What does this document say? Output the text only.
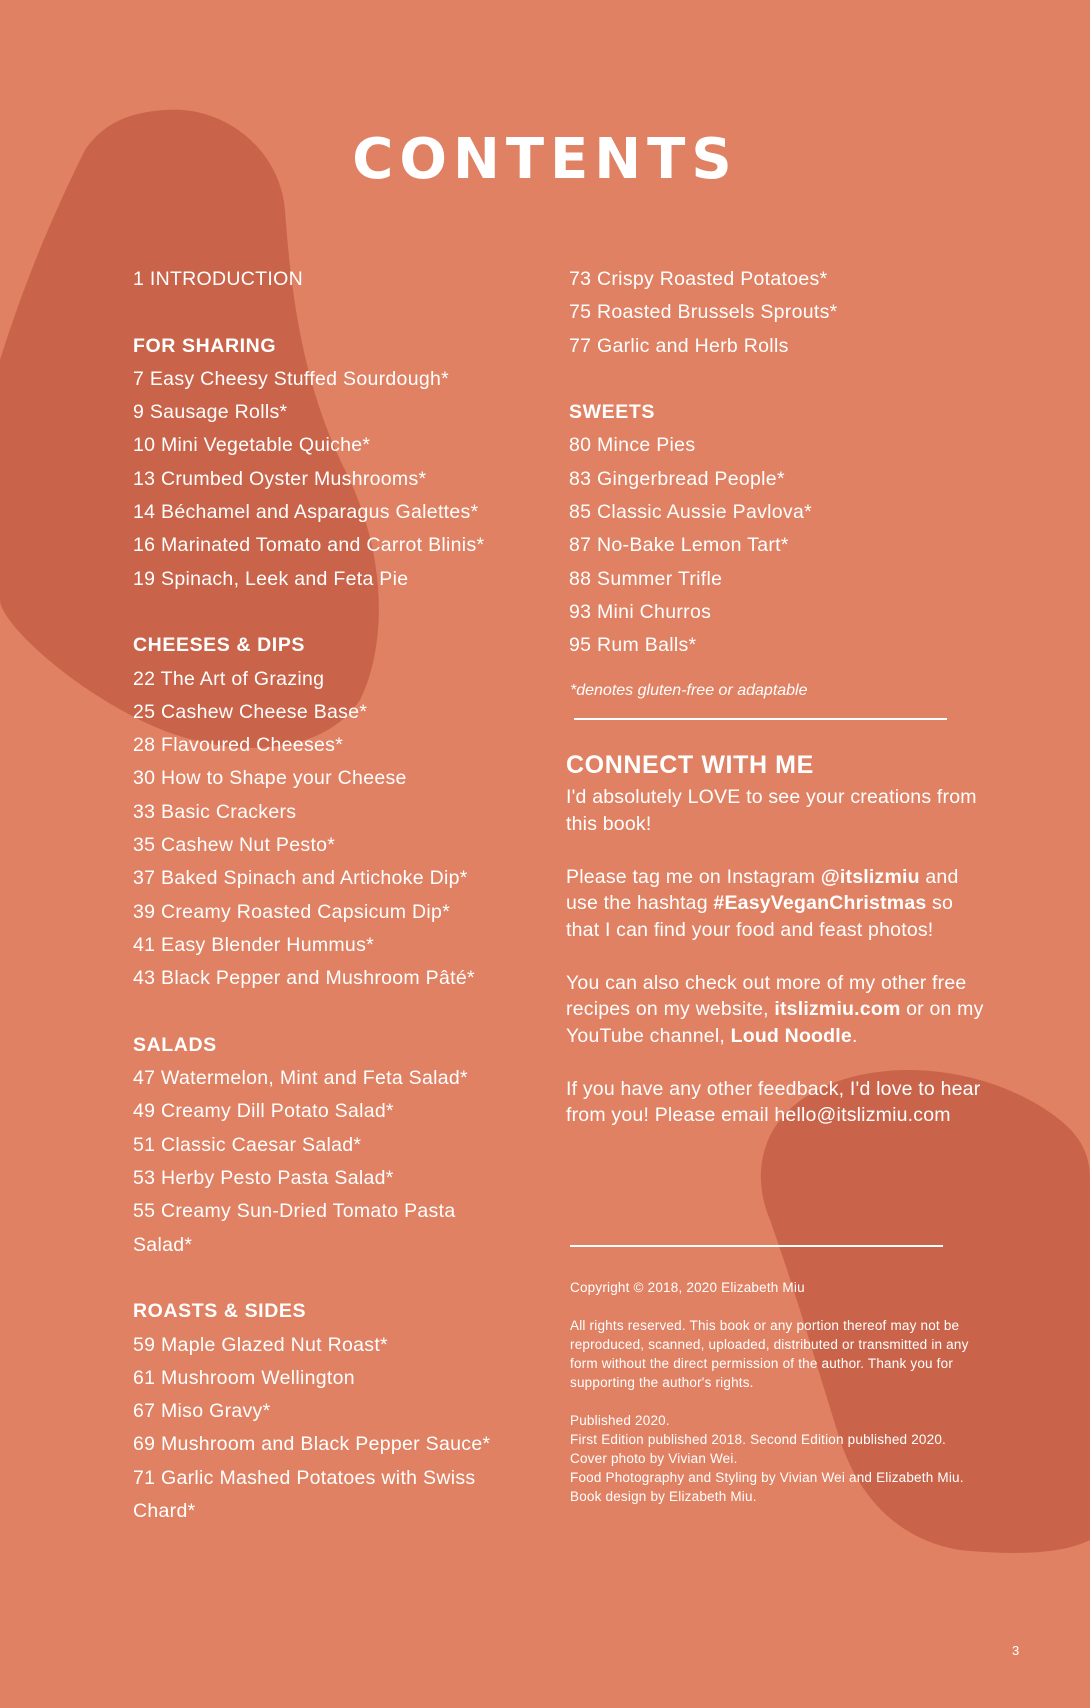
CONTENTS
1 INTRODUCTION
FOR SHARING
7 Easy Cheesy Stuffed Sourdough*
9 Sausage Rolls*
10 Mini Vegetable Quiche*
13 Crumbed Oyster Mushrooms*
14 Béchamel and Asparagus Galettes*
16 Marinated Tomato and Carrot Blinis*
19 Spinach, Leek and Feta Pie
CHEESES & DIPS
22 The Art of Grazing
25 Cashew Cheese Base*
28 Flavoured Cheeses*
30 How to Shape your Cheese
33 Basic Crackers
35 Cashew Nut Pesto*
37 Baked Spinach and Artichoke Dip*
39 Creamy Roasted Capsicum Dip*
41 Easy Blender Hummus*
43 Black Pepper and Mushroom Pâté*
SALADS
47 Watermelon, Mint and Feta Salad*
49 Creamy Dill Potato Salad*
51 Classic Caesar Salad*
53 Herby Pesto Pasta Salad*
55 Creamy Sun-Dried Tomato Pasta
Salad*
ROASTS & SIDES
59 Maple Glazed Nut Roast*
61 Mushroom Wellington
67 Miso Gravy*
69 Mushroom and Black Pepper Sauce*
71 Garlic Mashed Potatoes with Swiss
Chard*
73 Crispy Roasted Potatoes*
75 Roasted Brussels Sprouts*
77 Garlic and Herb Rolls
SWEETS
80 Mince Pies
83 Gingerbread People*
85 Classic Aussie Pavlova*
87 No-Bake Lemon Tart*
88 Summer Trifle
93 Mini Churros
95 Rum Balls*
*denotes gluten-free or adaptable
CONNECT WITH ME

I'd absolutely LOVE to see your creations from this book!

Please tag me on Instagram @itslizmiu and use the hashtag #EasyVeganChristmas so that I can find your food and feast photos!

You can also check out more of my other free recipes on my website, itslizmiu.com or on my YouTube channel, Loud Noodle.

If you have any other feedback, I'd love to hear from you! Please email hello@itslizmiu.com

Copyright © 2018, 2020 Elizabeth Miu

All rights reserved. This book or any portion thereof may not be reproduced, scanned, uploaded, distributed or transmitted in any form without the direct permission of the author. Thank you for supporting the author's rights.

Published 2020.
First Edition published 2018. Second Edition published 2020.
Cover photo by Vivian Wei.
Food Photography and Styling by Vivian Wei and Elizabeth Miu.
Book design by Elizabeth Miu.

3
